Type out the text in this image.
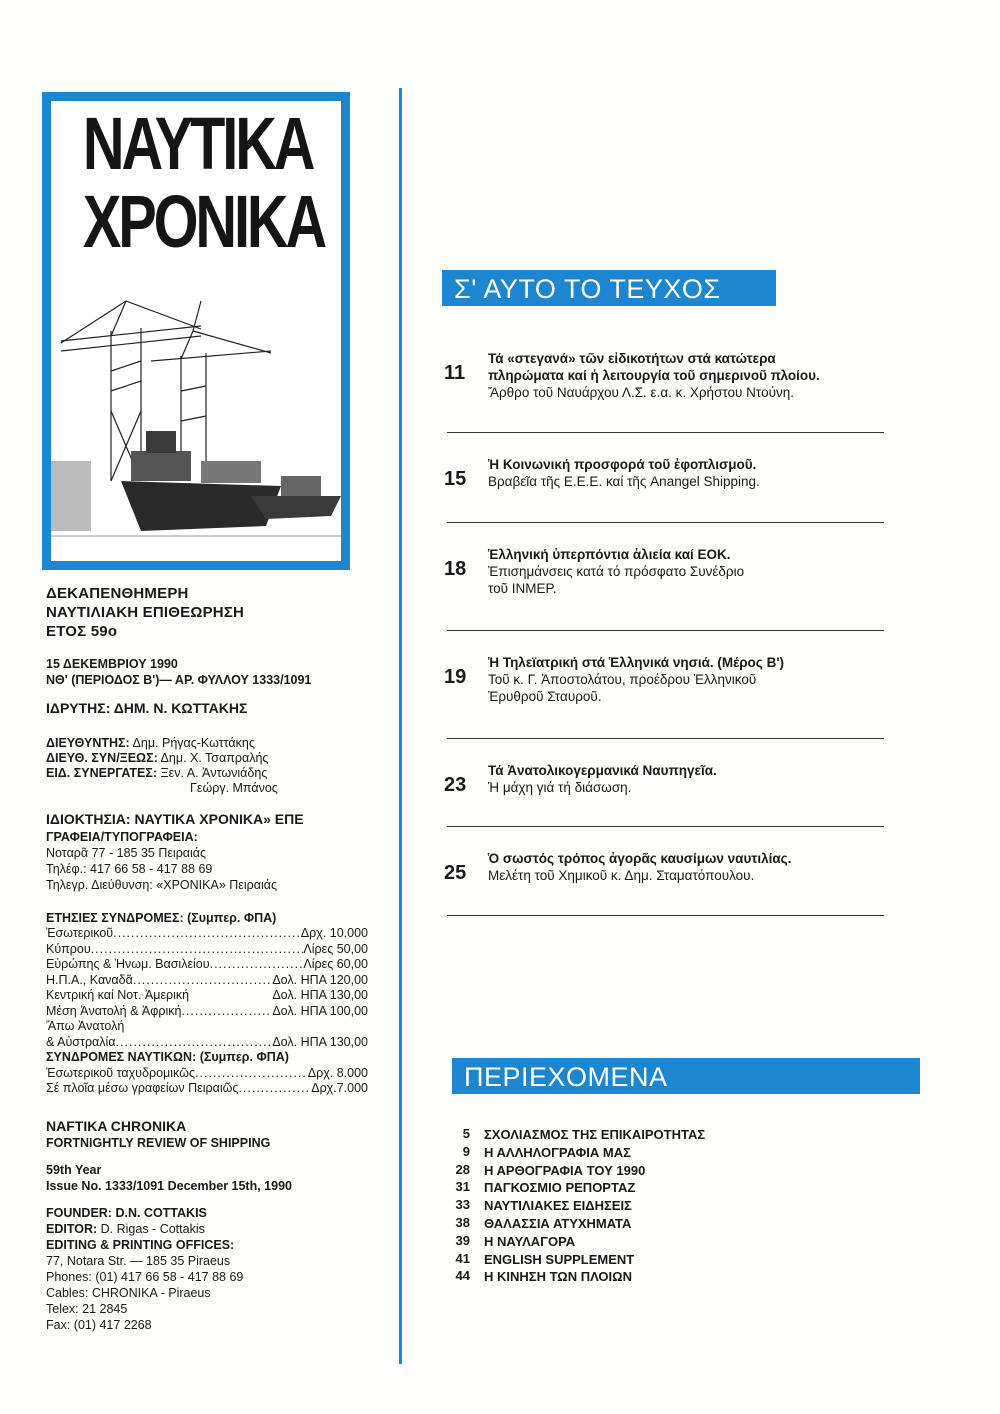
ΝΑΥΤΙΚΑ
ΧΡΟΝΙΚΑ
ΔΕΚΑΠΕΝΘΗΜΕΡΗ
ΝΑΥΤΙΛΙΑΚΗ ΕΠΙΘΕΩΡΗΣΗ
ΕΤΟΣ 59ο
15 ΔΕΚΕΜΒΡΙΟΥ 1990
ΝΘ' (ΠΕΡΙΟΔΟΣ Β')— ΑΡ. ΦΥΛΛΟΥ 1333/1091
ΙΔΡΥΤΗΣ: ΔΗΜ. Ν. ΚΩΤΤΑΚΗΣ
ΔΙΕΥΘΥΝΤΗΣ: Δημ. Ρήγας-Κωττάκης
ΔΙΕΥΘ. ΣΥΝ/ΞΕΩΣ: Δημ. Χ. Τσαπραλής
ΕΙΔ. ΣΥΝΕΡΓΑΤΕΣ: Ξεν. Α. Ἀντωνιάδης
Γεώργ. Μπάνος
ΙΔΙΟΚΤΗΣΙΑ: ΝΑΥΤΙΚΑ ΧΡΟΝΙΚΑ» ΕΠΕ
ΓΡΑΦΕΙΑ/ΤΥΠΟΓΡΑΦΕΙΑ:
Νοταρᾶ 77 - 185 35 Πειραιάς
Τηλέφ.: 417 66 58 - 417 88 69
Τηλεγρ. Διεύθυνση: «ΧΡΟΝΙΚΑ» Πειραιάς
ΕΤΗΣΙΕΣ ΣΥΝΔΡΟΜΕΣ: (Συμπερ. ΦΠΑ)
Ἐσωτερικοῦ .....	Δρχ. 10.000
Κύπρου .....	Λίρες 50,00
Εὐρώπης & Ἡνωμ. Βασιλείου .....	Λίρες 60,00
Η.Π.Α., Καναδᾶ .....	Δολ. ΗΠΑ 120,00
Κεντρική καί Νοτ. Ἀμερική	Δολ. ΗΠΑ 130,00
Μέση Ἀνατολή & Ἀφρική .....	Δολ. ΗΠΑ 100,00
Ἄπω Ἀνατολή
& Αὐστραλία .....	Δολ. ΗΠΑ 130,00
ΣΥΝΔΡΟΜΕΣ ΝΑΥΤΙΚΩΝ: (Συμπερ. ΦΠΑ)
Ἐσωτερικοῦ ταχυδρομικῶς .....	Δρχ. 8.000
Σέ πλοῖα μέσω γραφείων Πειραιῶς .....	Δρχ.7.000
NAFTIKA CHRONIKA
FORTNIGHTLY REVIEW OF SHIPPING
59th Year
Issue No. 1333/1091 December 15th, 1990
FOUNDER: D.N. COTTAKIS
EDITOR: D. Rigas - Cottakis
EDITING & PRINTING OFFICES:
77, Notara Str. — 185 35 Piraeus
Phones: (01) 417 66 58 - 417 88 69
Cables: CHRONIKA - Piraeus
Telex: 21 2845
Fax: (01) 417 2268
Σ' ΑΥΤΟ ΤΟ ΤΕΥΧΟΣ
11
Τά «στεγανά» τῶν εἰδικοτήτων στά κατώτερα
πληρώματα καί ἡ λειτουργία τοῦ σημερινοῦ πλοίου.
Ἄρθρο τοῦ Ναυάρχου Λ.Σ. ε.α. κ. Χρήστου Ντούνη.
15
Ἡ Κοινωνική προσφορά τοῦ ἐφοπλισμοῦ.
Βραβεῖα τῆς Ε.Ε.Ε. καί τῆς Anangel Shipping.
18
Ἑλληνική ὑπερπόντια ἁλιεία καί ΕΟΚ.
Ἐπισημάνσεις κατά τό πρόσφατο Συνέδριο
τοῦ INMEP.
19
Ἡ Τηλεϊατρική στά Ἑλληνικά νησιά. (Μέρος Β')
Τοῦ κ. Γ. Ἀποστολάτου, προέδρου Ἑλληνικοῦ
Ἐρυθροῦ Σταυροῦ.
23
Τά Ἀνατολικογερμανικά Ναυπηγεῖα.
Ἡ μάχη γιά τή διάσωση.
25
Ὁ σωστός τρόπος ἀγορᾶς καυσίμων ναυτιλίας.
Μελέτη τοῦ Χημικοῦ κ. Δημ. Σταματόπουλου.
ΠΕΡΙΕΧΟΜΕΝΑ
5 ΣΧΟΛΙΑΣΜΟΣ ΤΗΣ ΕΠΙΚΑΙΡΟΤΗΤΑΣ
9 Η ΑΛΛΗΛΟΓΡΑΦΙΑ ΜΑΣ
28 Η ΑΡΘΟΓΡΑΦΙΑ ΤΟΥ 1990
31 ΠΑΓΚΟΣΜΙΟ ΡΕΠΟΡΤΑΖ
33 ΝΑΥΤΙΛΙΑΚΕΣ ΕΙΔΗΣΕΙΣ
38 ΘΑΛΑΣΣΙΑ ΑΤΥΧΗΜΑΤΑ
39 Η ΝΑΥΛΑΓΟΡΑ
41 ENGLISH SUPPLEMENT
44 Η ΚΙΝΗΣΗ ΤΩΝ ΠΛΟΙΩΝ
